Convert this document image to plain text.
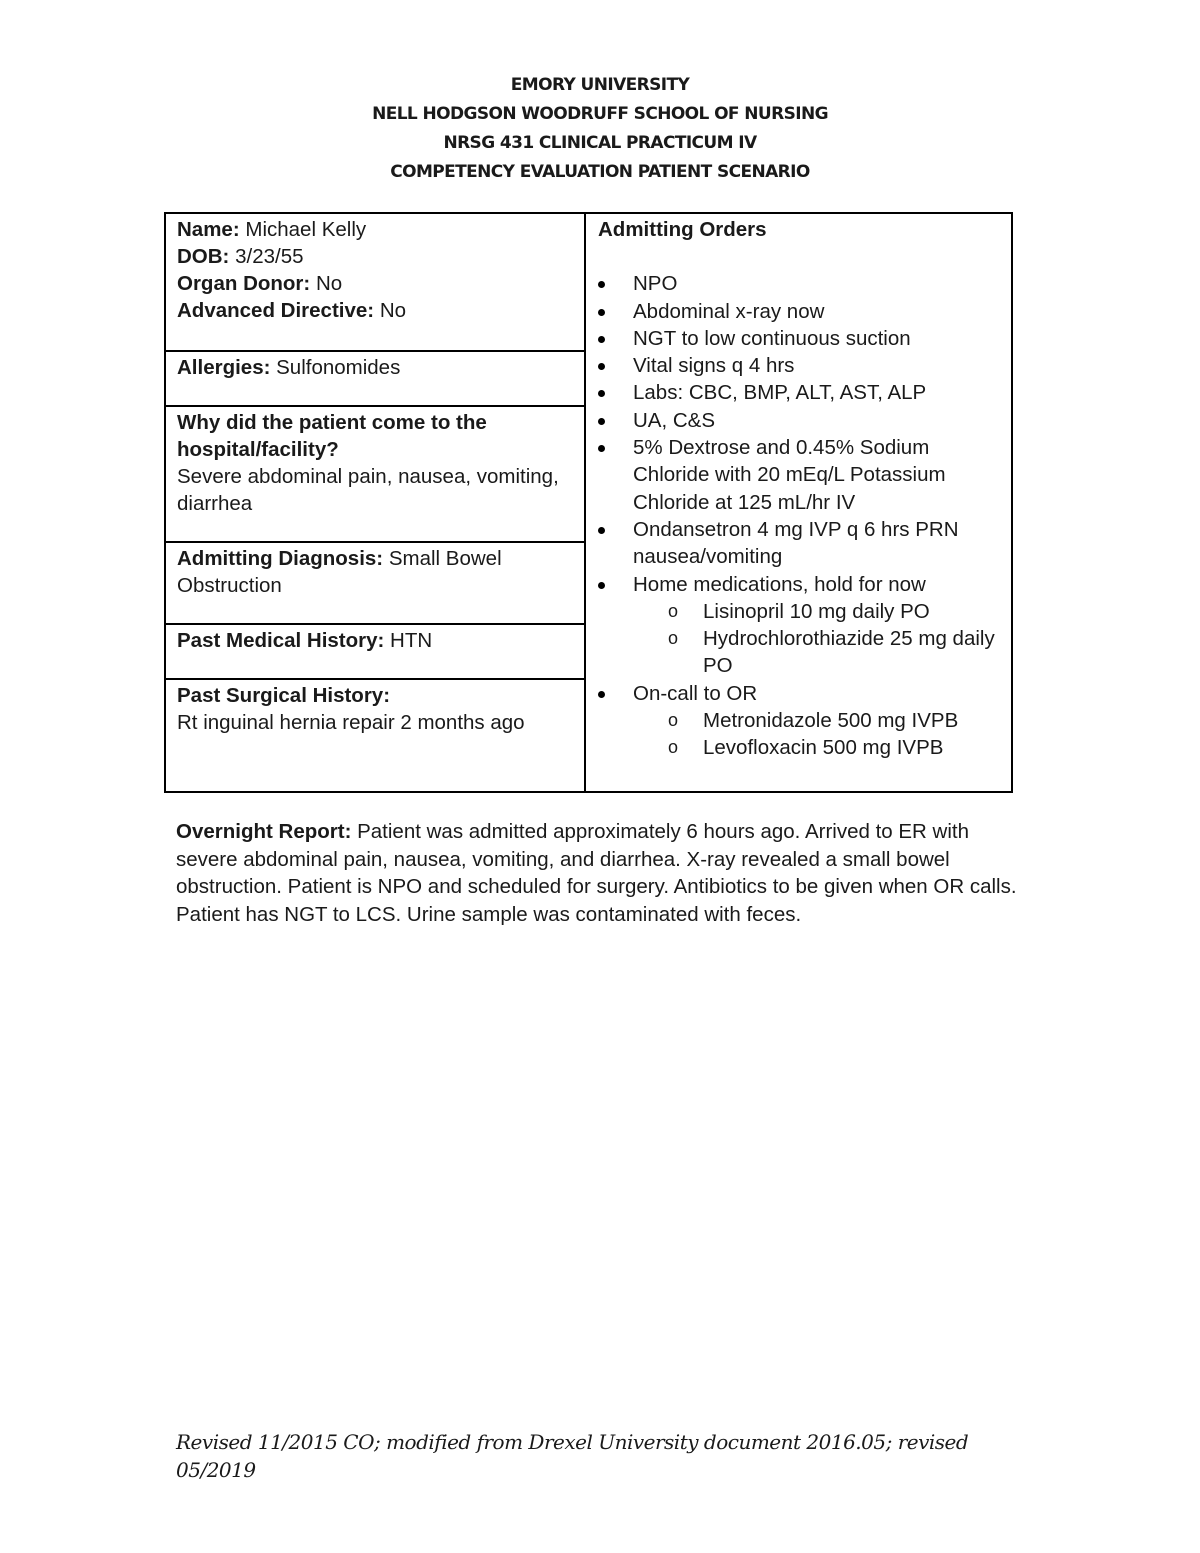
EMORY UNIVERSITY
NELL HODGSON WOODRUFF SCHOOL OF NURSING
NRSG 431 CLINICAL PRACTICUM IV
COMPETENCY EVALUATION PATIENT SCENARIO
Name: Michael Kelly
DOB: 3/23/55
Organ Donor: No
Advanced Directive: No
Allergies: Sulfonomides
Why did the patient come to the hospital/facility?
Severe abdominal pain, nausea, vomiting, diarrhea
Admitting Diagnosis: Small Bowel Obstruction
Past Medical History: HTN
Past Surgical History:
Rt inguinal hernia repair 2 months ago
Admitting Orders
NPO
Abdominal x-ray now
NGT to low continuous suction
Vital signs q 4 hrs
Labs: CBC, BMP, ALT, AST, ALP
UA, C&S
5% Dextrose and 0.45% Sodium Chloride with 20 mEq/L Potassium Chloride at 125 mL/hr IV
Ondansetron 4 mg IVP q 6 hrs PRN nausea/vomiting
Home medications, hold for now
o Lisinopril 10 mg daily PO
o Hydrochlorothiazide 25 mg daily PO
On-call to OR
o Metronidazole 500 mg IVPB
o Levofloxacin 500 mg IVPB
Overnight Report: Patient was admitted approximately 6 hours ago. Arrived to ER with severe abdominal pain, nausea, vomiting, and diarrhea. X-ray revealed a small bowel obstruction. Patient is NPO and scheduled for surgery. Antibiotics to be given when OR calls. Patient has NGT to LCS. Urine sample was contaminated with feces.
Revised 11/2015 CO; modified from Drexel University document 2016.05; revised 05/2019
